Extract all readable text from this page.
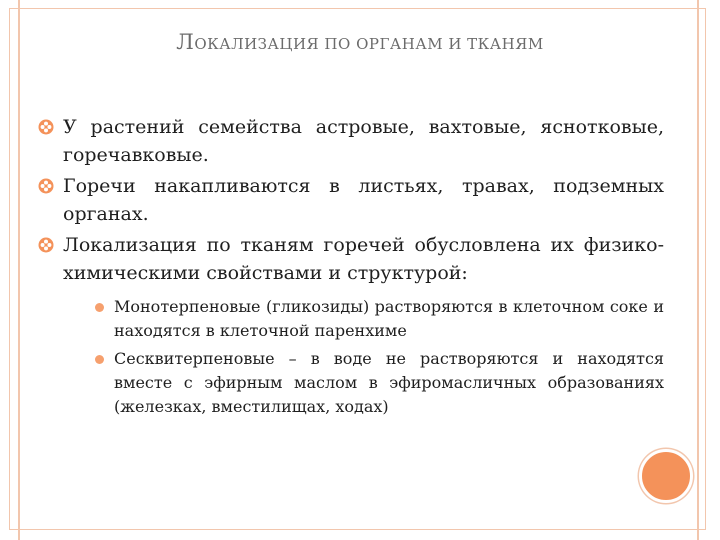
ЛОКАЛИЗАЦИЯ ПО ОРГАНАМ И ТКАНЯМ
У растений семейства астровые, вахтовые, яснотковые, горечавковые.
Горечи накапливаются в листьях, травах, подземных органах.
Локализация по тканям горечей обусловлена их физико-химическими свойствами и структурой:
Монотерпеновые (гликозиды) растворяются в клеточном соке и находятся в клеточной паренхиме
Сесквитерпеновые – в воде не растворяются и находятся вместе с эфирным маслом в эфиромасличных образованиях (железках, вместилищах, ходах)
